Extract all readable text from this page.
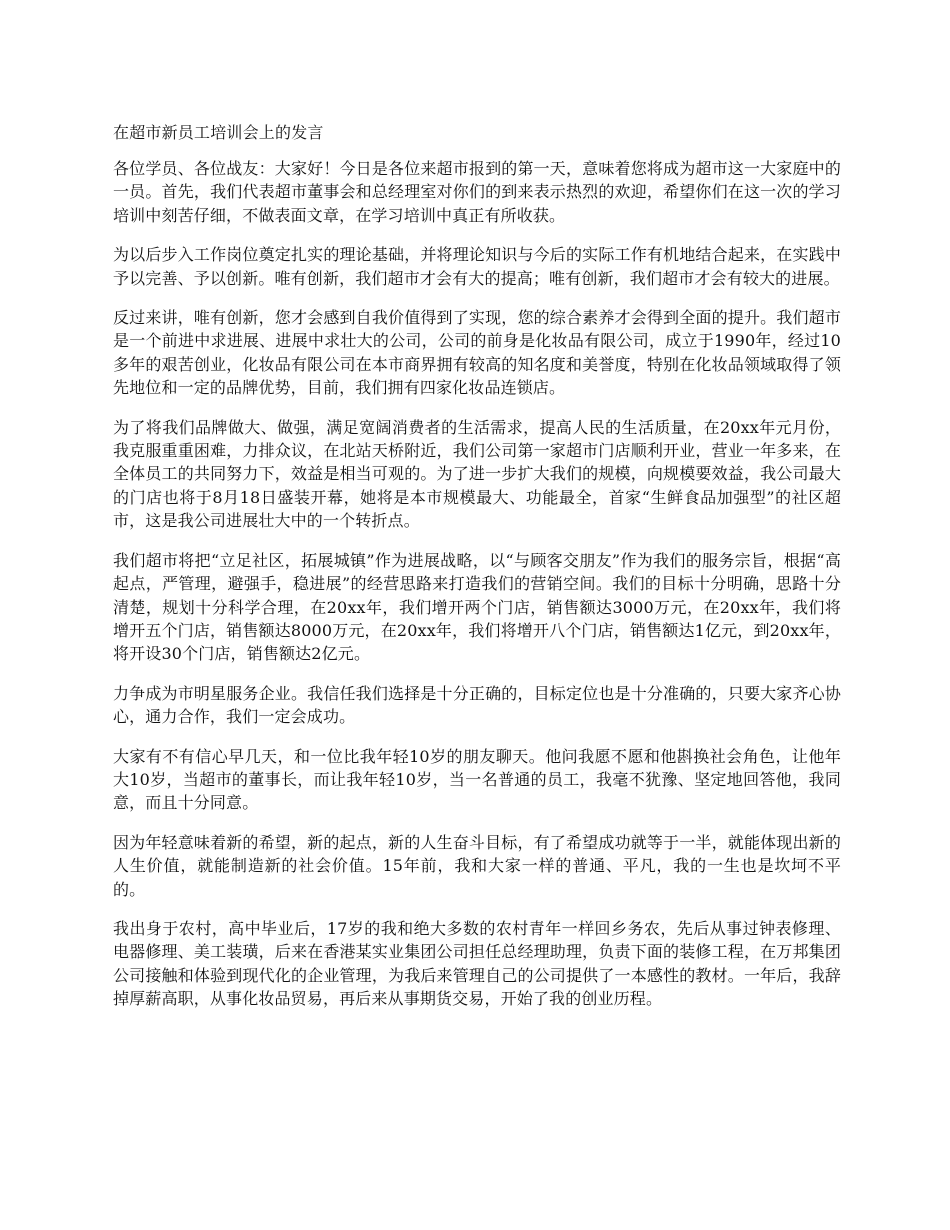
在超市新员工培训会上的发言

各位学员、各位战友：大家好！今日是各位来超市报到的第一天，意味着您将成为超市这一大家庭中的一员。首先，我们代表超市董事会和总经理室对你们的到来表示热烈的欢迎，希望你们在这一次的学习培训中刻苦仔细，不做表面文章，在学习培训中真正有所收获。

为以后步入工作岗位奠定扎实的理论基础，并将理论知识与今后的实际工作有机地结合起来，在实践中予以完善、予以创新。唯有创新，我们超市才会有大的提高；唯有创新，我们超市才会有较大的进展。

反过来讲，唯有创新，您才会感到自我价值得到了实现，您的综合素养才会得到全面的提升。我们超市是一个前进中求进展、进展中求壮大的公司，公司的前身是化妆品有限公司，成立于1990年，经过10多年的艰苦创业，化妆品有限公司在本市商界拥有较高的知名度和美誉度，特别在化妆品领域取得了领先地位和一定的品牌优势，目前，我们拥有四家化妆品连锁店。

为了将我们品牌做大、做强，满足宽阔消费者的生活需求，提高人民的生活质量，在20xx年元月份，我克服重重困难，力排众议，在北站天桥附近，我们公司第一家超市门店顺利开业，营业一年多来，在全体员工的共同努力下，效益是相当可观的。为了进一步扩大我们的规模，向规模要效益，我公司最大的门店也将于8月18日盛装开幕，她将是本市规模最大、功能最全，首家“生鲜食品加强型”的社区超市，这是我公司进展壮大中的一个转折点。

我们超市将把“立足社区，拓展城镇”作为进展战略，以“与顾客交朋友”作为我们的服务宗旨，根据“高起点，严管理，避强手，稳进展”的经营思路来打造我们的营销空间。我们的目标十分明确，思路十分清楚，规划十分科学合理，在20xx年，我们增开两个门店，销售额达3000万元，在20xx年，我们将增开五个门店，销售额达8000万元，在20xx年，我们将增开八个门店，销售额达1亿元，到20xx年，将开设30个门店，销售额达2亿元。

力争成为市明星服务企业。我信任我们选择是十分正确的，目标定位也是十分准确的，只要大家齐心协心，通力合作，我们一定会成功。

大家有不有信心早几天，和一位比我年轻10岁的朋友聊天。他问我愿不愿和他斟换社会角色，让他年大10岁，当超市的董事长，而让我年轻10岁，当一名普通的员工，我毫不犹豫、坚定地回答他，我同意，而且十分同意。

因为年轻意味着新的希望，新的起点，新的人生奋斗目标，有了希望成功就等于一半，就能体现出新的人生价值，就能制造新的社会价值。15年前，我和大家一样的普通、平凡，我的一生也是坎坷不平的。

我出身于农村，高中毕业后，17岁的我和绝大多数的农村青年一样回乡务农，先后从事过钟表修理、电器修理、美工装璜，后来在香港某实业集团公司担任总经理助理，负责下面的装修工程，在万邦集团公司接触和体验到现代化的企业管理，为我后来管理自己的公司提供了一本感性的教材。一年后，我辞掉厚薪高职，从事化妆品贸易，再后来从事期货交易，开始了我的创业历程。
